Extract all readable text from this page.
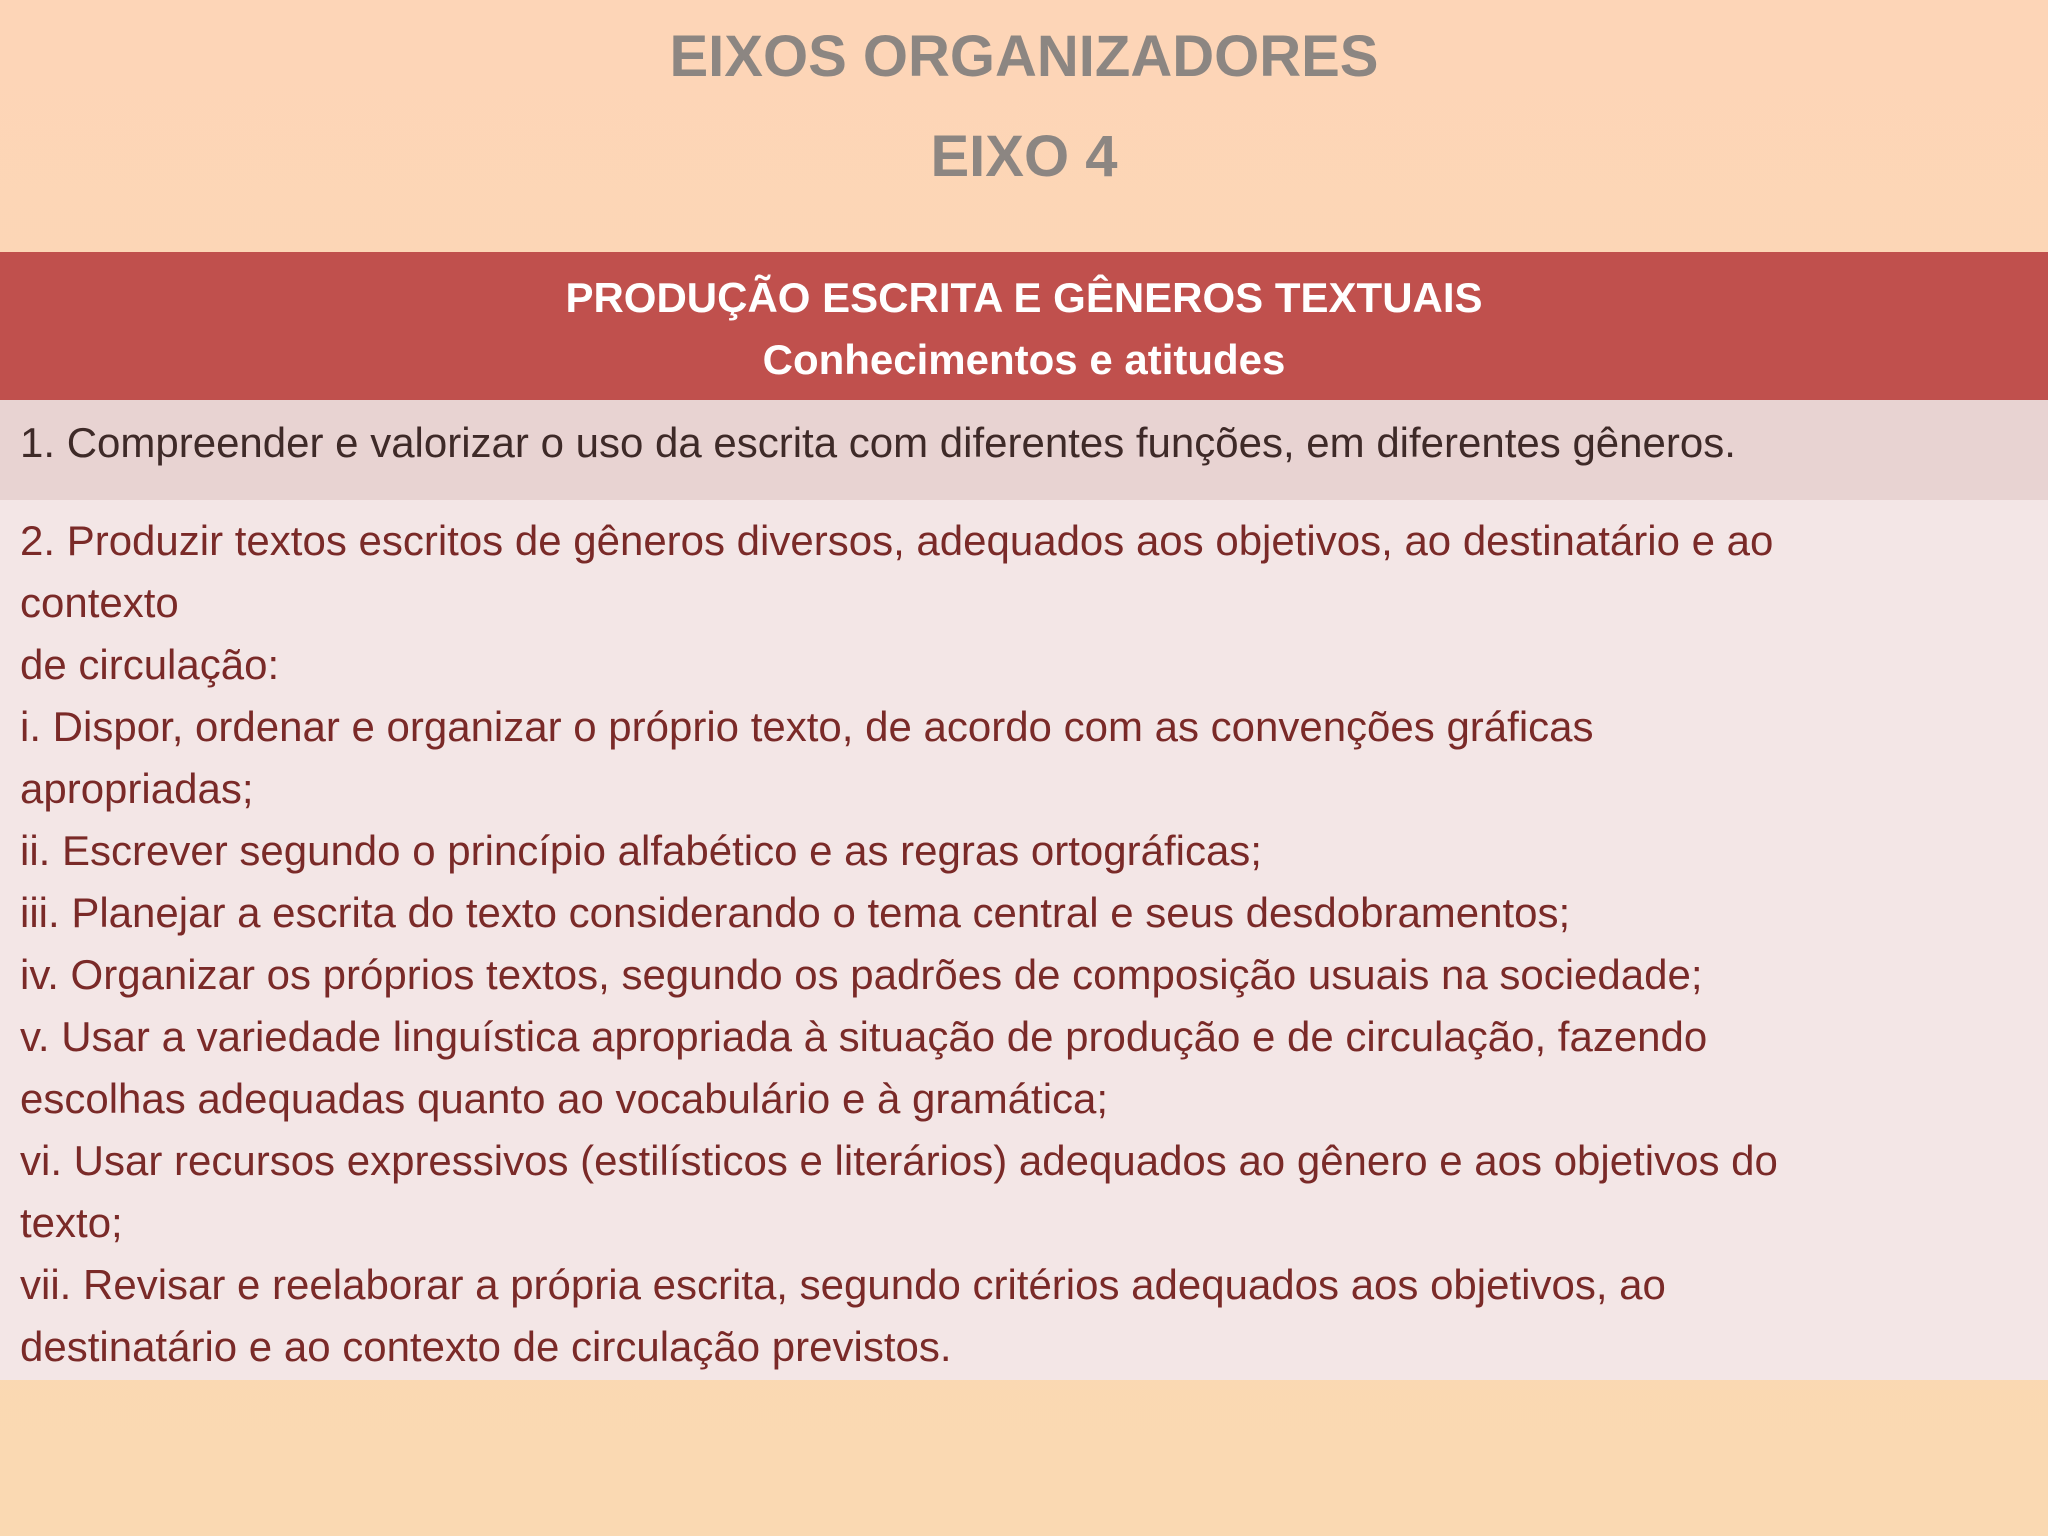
EIXOS ORGANIZADORES
EIXO 4
PRODUÇÃO ESCRITA E GÊNEROS TEXTUAIS
Conhecimentos e atitudes
1. Compreender e valorizar o uso da escrita com diferentes funções, em diferentes gêneros.
2. Produzir textos escritos de gêneros diversos, adequados aos objetivos, ao destinatário e ao
contexto
de circulação:
i. Dispor, ordenar e organizar o próprio texto, de acordo com as convenções gráficas
apropriadas;
ii. Escrever segundo o princípio alfabético e as regras ortográficas;
iii. Planejar a escrita do texto considerando o tema central e seus desdobramentos;
iv. Organizar os próprios textos, segundo os padrões de composição usuais na sociedade;
v. Usar a variedade linguística apropriada à situação de produção e de circulação, fazendo
escolhas adequadas quanto ao vocabulário e à gramática;
vi. Usar recursos expressivos (estilísticos e literários) adequados ao gênero e aos objetivos do
texto;
vii. Revisar e reelaborar a própria escrita, segundo critérios adequados aos objetivos, ao
destinatário e ao contexto de circulação previstos.
